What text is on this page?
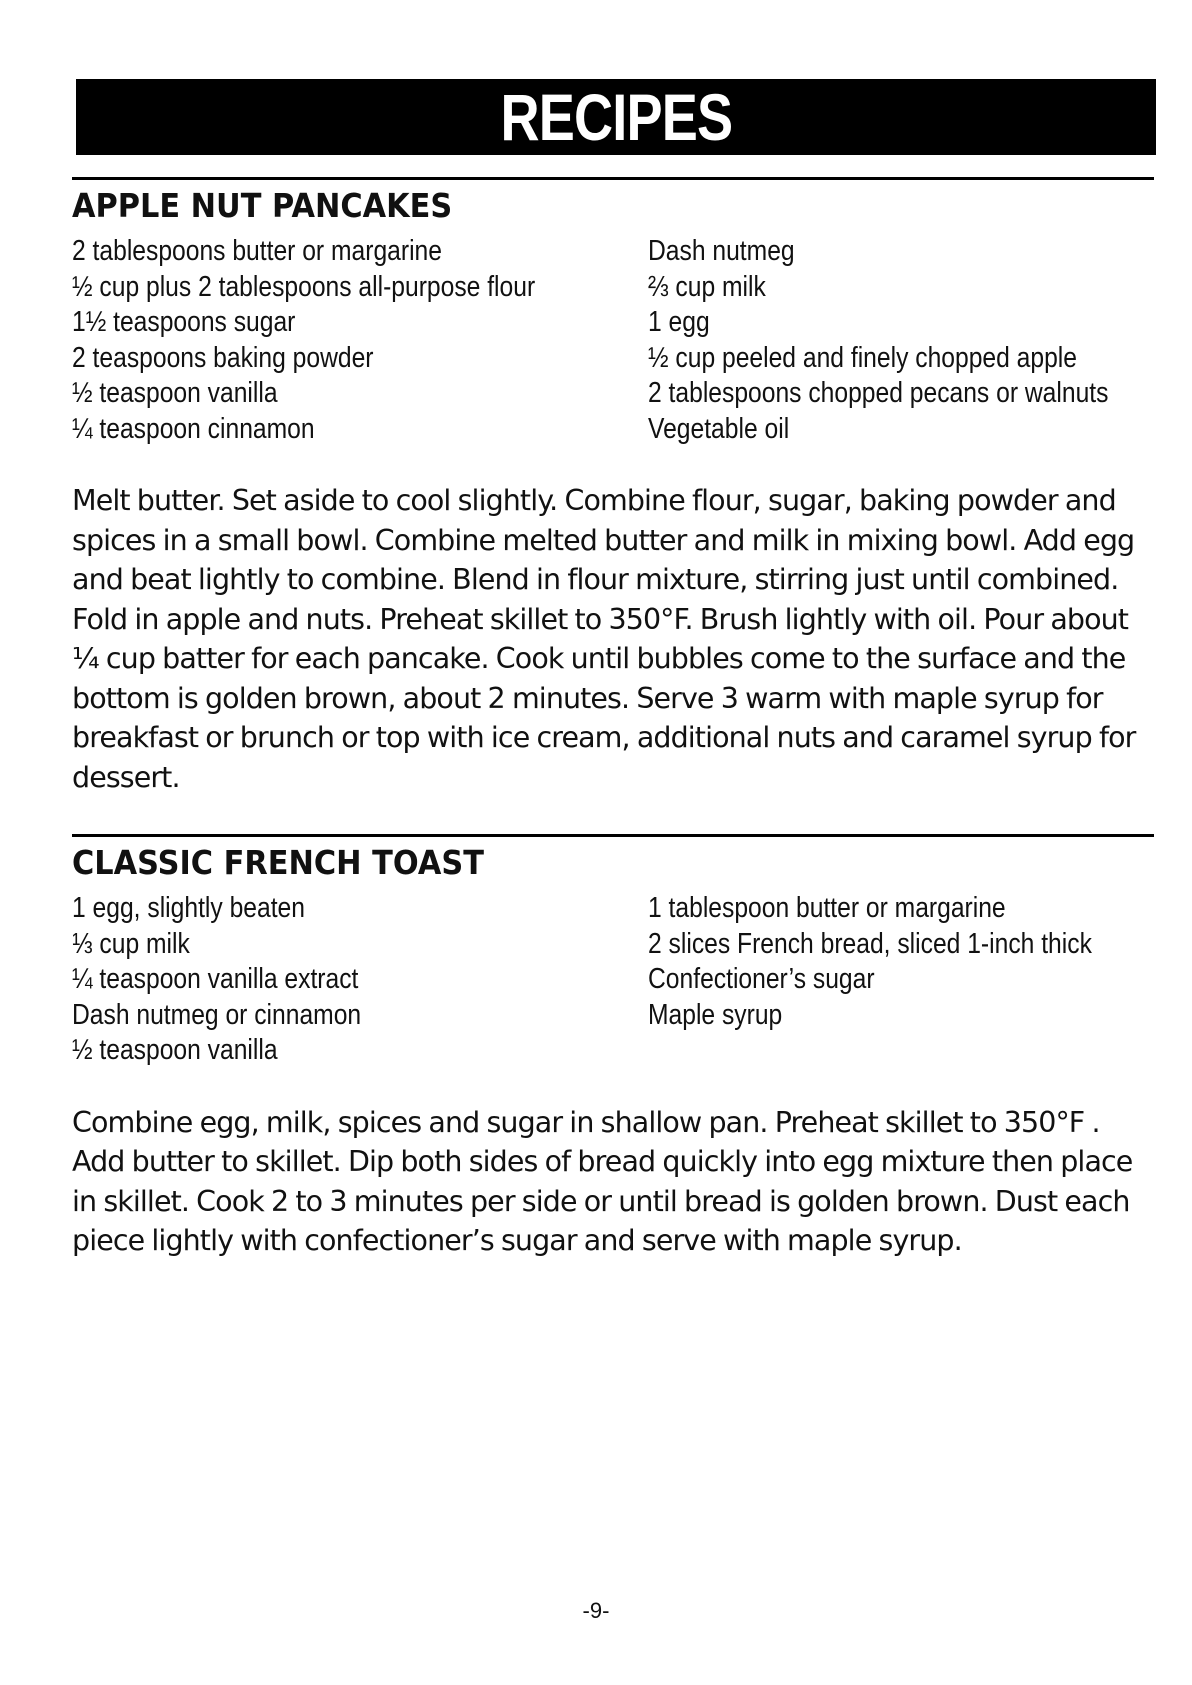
RECIPES
APPLE NUT PANCAKES
2 tablespoons butter or margarine
½ cup plus 2 tablespoons all-purpose flour
1½ teaspoons sugar
2 teaspoons baking powder
½ teaspoon vanilla
¼ teaspoon cinnamon
Dash nutmeg
⅔ cup milk
1 egg
½ cup peeled and finely chopped apple
2 tablespoons chopped pecans or walnuts
Vegetable oil

Melt butter. Set aside to cool slightly. Combine flour, sugar, baking powder and spices in a small bowl. Combine melted butter and milk in mixing bowl. Add egg and beat lightly to combine. Blend in flour mixture, stirring just until combined. Fold in apple and nuts. Preheat skillet to 350°F. Brush lightly with oil. Pour about ¼ cup batter for each pancake. Cook until bubbles come to the surface and the bottom is golden brown, about 2 minutes. Serve 3 warm with maple syrup for breakfast or brunch or top with ice cream, additional nuts and caramel syrup for dessert.

CLASSIC FRENCH TOAST
1 egg, slightly beaten
⅓ cup milk
¼ teaspoon vanilla extract
Dash nutmeg or cinnamon
½ teaspoon vanilla
1 tablespoon butter or margarine
2 slices French bread, sliced 1-inch thick
Confectioner’s sugar
Maple syrup

Combine egg, milk, spices and sugar in shallow pan. Preheat skillet to 350°F . Add butter to skillet. Dip both sides of bread quickly into egg mixture then place in skillet. Cook 2 to 3 minutes per side or until bread is golden brown. Dust each piece lightly with confectioner’s sugar and serve with maple syrup.

-9-
